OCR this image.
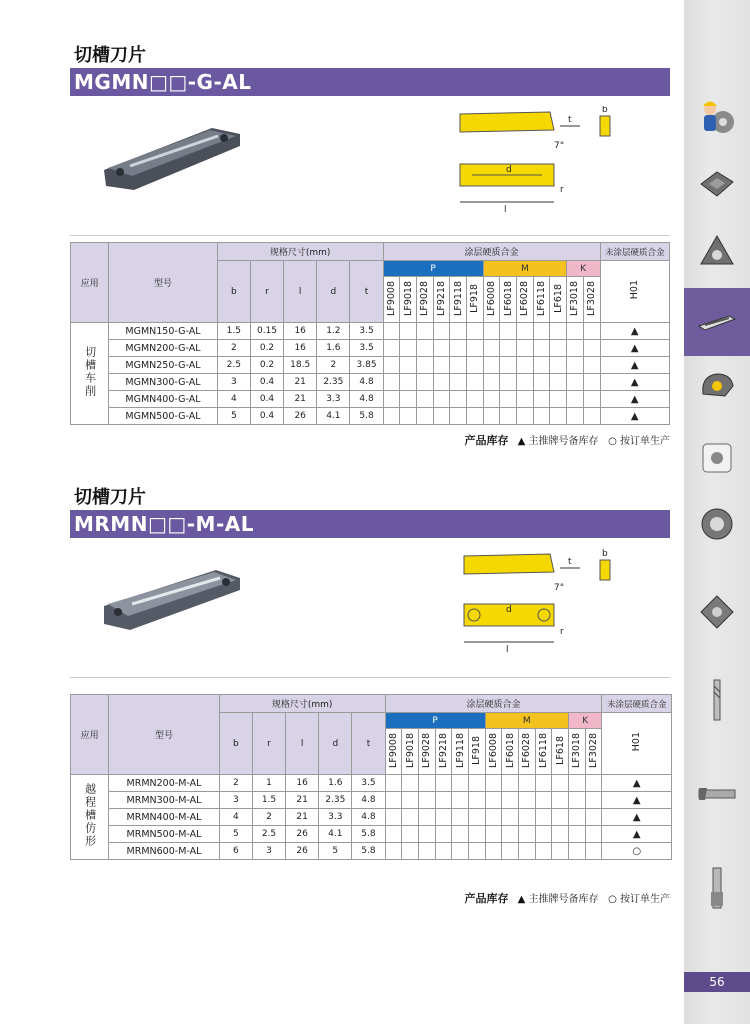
56
切槽刀片
MGMN□□-G-AL
b
t
7°
d
l
r
应用	型号	规格尺寸(mm)					涂层硬质合金													未涂层硬质合金
		b	r	l	d	t	P						M					K		H01
							LF9008	LF9018	LF9028	LF9218	LF9118	LF918	LF6008	LF6018	LF6028	LF6118	LF618	LF3018	LF3028	
切槽车削	MGMN150-G-AL	1.5	0.15	16	1.2	3.5														▲
	MGMN200-G-AL	2	0.2	16	1.6	3.5														▲
	MGMN250-G-AL	2.5	0.2	18.5	2	3.85														▲
	MGMN300-G-AL	3	0.4	21	2.35	4.8														▲
	MGMN400-G-AL	4	0.4	21	3.3	4.8														▲
	MGMN500-G-AL	5	0.4	26	4.1	5.8														▲
产品库存 ▲ 主推牌号备库存 ○ 按订单生产
切槽刀片
MRMN□□-M-AL
b
t
7°
d
l
r
应用	型号	规格尺寸(mm)					涂层硬质合金													未涂层硬质合金
		b	r	l	d	t	P						M					K		H01
							LF9008	LF9018	LF9028	LF9218	LF9118	LF918	LF6008	LF6018	LF6028	LF6118	LF618	LF3018	LF3028	
越程槽仿形	MRMN200-M-AL	2	1	16	1.6	3.5														▲
	MRMN300-M-AL	3	1.5	21	2.35	4.8														▲
	MRMN400-M-AL	4	2	21	3.3	4.8														▲
	MRMN500-M-AL	5	2.5	26	4.1	5.8														▲
	MRMN600-M-AL	6	3	26	5	5.8														○
产品库存 ▲ 主推牌号备库存 ○ 按订单生产
